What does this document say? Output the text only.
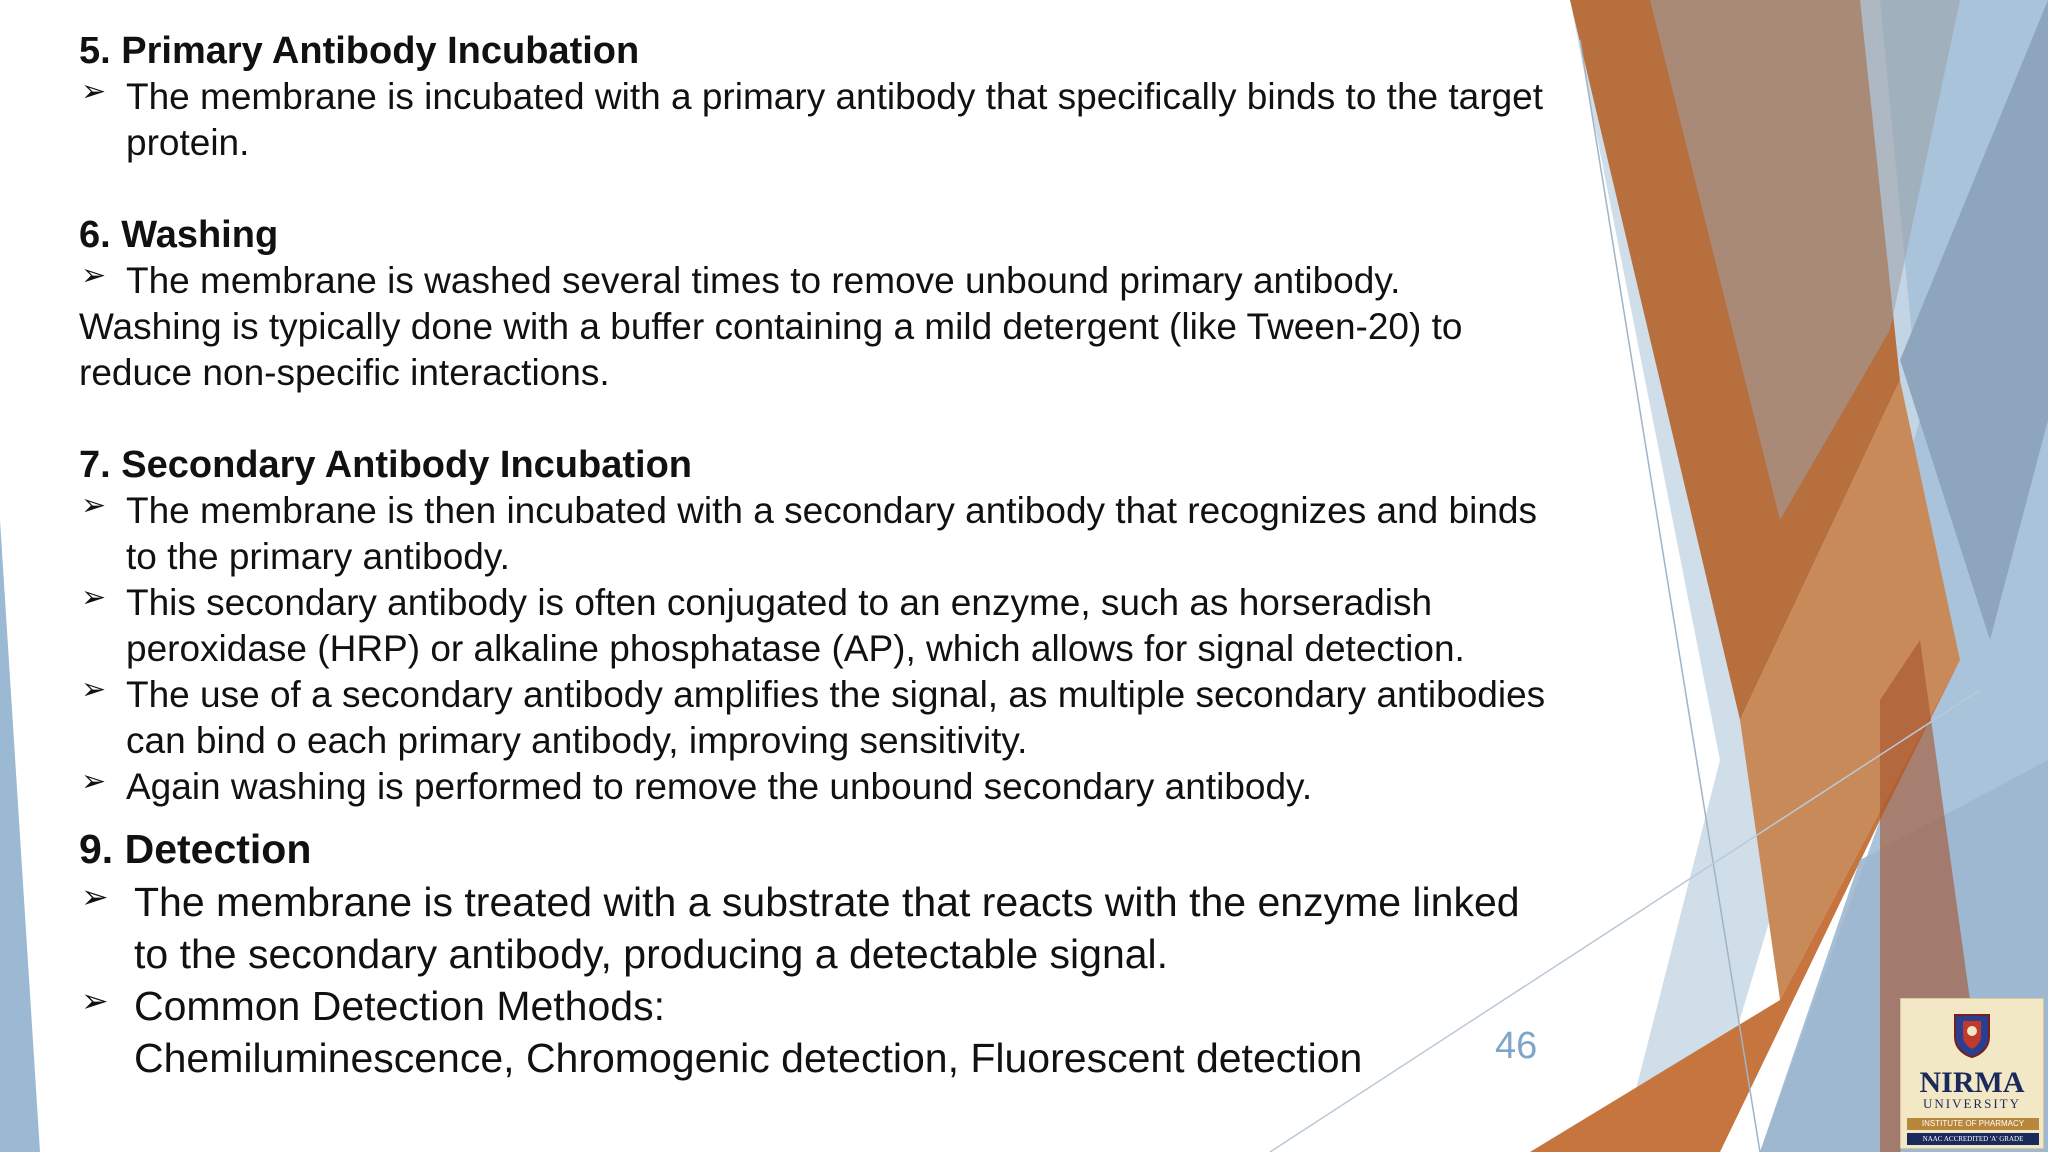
5. Primary Antibody Incubation

➢ The membrane is incubated with a primary antibody that specifically binds to the target protein.

6. Washing

➢ The membrane is washed several times to remove unbound primary antibody.

Washing is typically done with a buffer containing a mild detergent (like Tween-20) to reduce non-specific interactions.

7. Secondary Antibody Incubation

➢ The membrane is then incubated with a secondary antibody that recognizes and binds to the primary antibody.

➢ This secondary antibody is often conjugated to an enzyme, such as horseradish peroxidase (HRP) or alkaline phosphatase (AP), which allows for signal detection.

➢ The use of a secondary antibody amplifies the signal, as multiple secondary antibodies can bind o each primary antibody, improving sensitivity.

➢ Again washing is performed to remove the unbound secondary antibody.

9. Detection

➢ The membrane is treated with a substrate that reacts with the enzyme linked to the secondary antibody, producing a detectable signal.

➢ Common Detection Methods:
Chemiluminescence, Chromogenic detection, Fluorescent detection	46
NIRMA
UNIVERSITY
INSTITUTE OF PHARMACY
NAAC ACCREDITED 'A' GRADE
